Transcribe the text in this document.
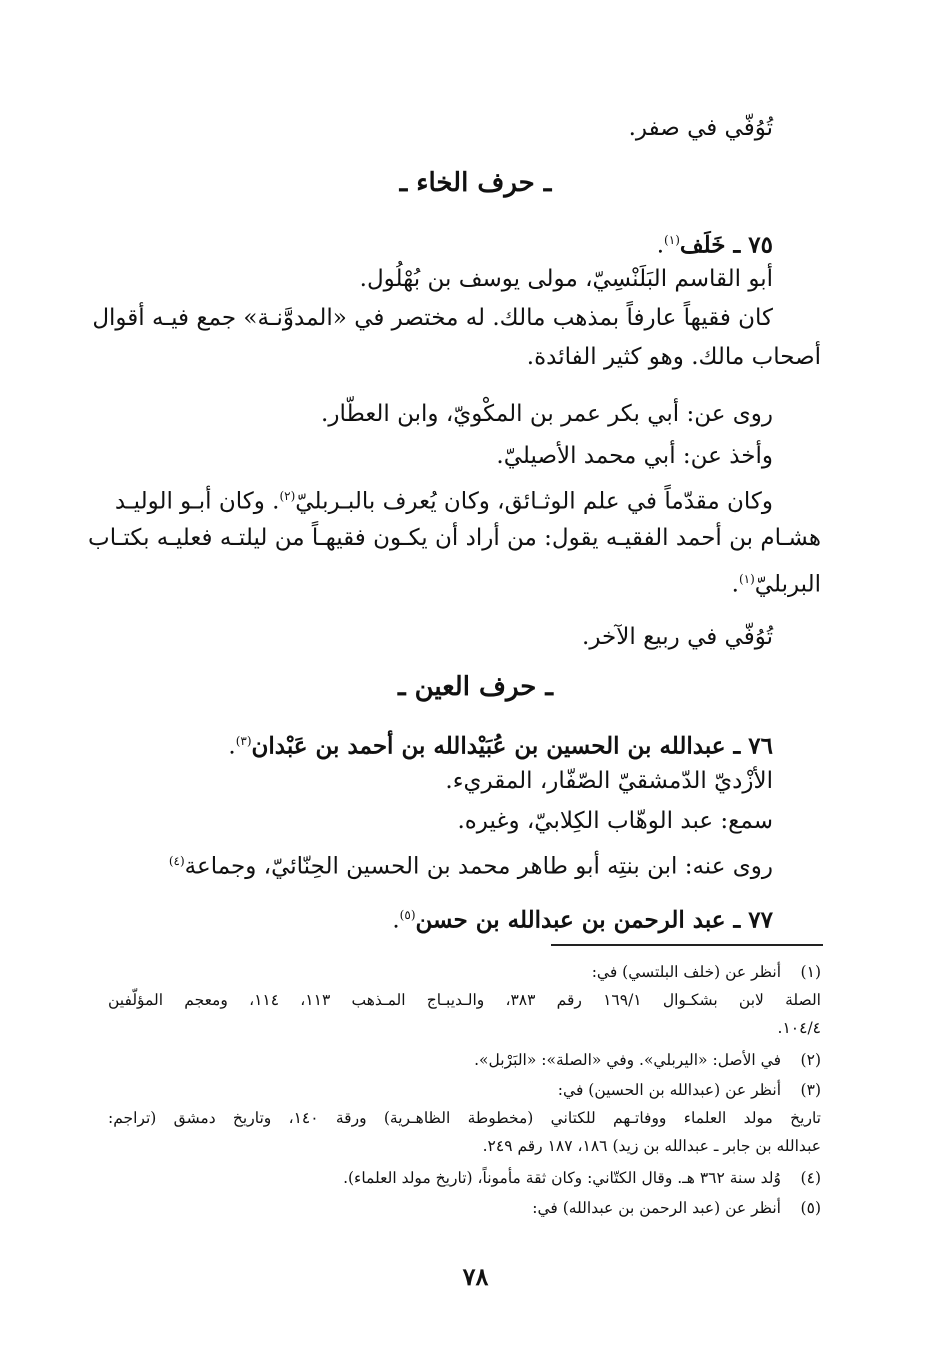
تُوُفّي في صفر.
ـ حرف الخاء ـ
٧٥ ـ خَلَف$^{(١)}$.
أبو القاسم البَلَنْسِيّ، مولى يوسف بن بُهْلُول.
كان فقيهاً عارفاً بمذهب مالك. له مختصر في «المدوَّنـة» جمع فيـه أقوال
أصحاب مالك. وهو كثير الفائدة.
روى عن: أبي بكر عمر بن المكْويّ، وابن العطّار.
وأخذ عن: أبي محمد الأصيليّ.
وكان مقدّماً في علم الوثـائق، وكان يُعرف بالبـربليّ$^{(٢)}$. وكان أبـو الوليـد
هشـام بن أحمد الفقيـه يقول: من أراد أن يكـون فقيهـاً من ليلتـه فعليـه بكتـاب
البربليّ$^{(١)}$.
تُوُفّي في ربيع الآخر.
ـ حرف العين ـ
٧٦ ـ عبدالله بن الحسين بن عُبَيْدالله بن أحمد بن عَبْدان$^{(٣)}$.
الأزْديّ الدّمشقيّ الصّفّار، المقريء.
سمع: عبد الوهّاب الكِلابيّ، وغيره.
روى عنه: ابن بنتِه أبو طاهر محمد بن الحسين الحِنّائيّ، وجماعة$^{(٤)}$
٧٧ ـ عبد الرحمن بن عبدالله بن حسن$^{(٥)}$.
(١)أنظر عن (خلف البلتسي) في:
الصلة لابن بشكـوال ١٦٩/١ رقم ٣٨٣، والـديبـاج المـذهب ١١٣، ١١٤، ومعجم المؤلّفين
١٠٤/٤.
(٢)في الأصل: «اليربلي». وفي «الصلة»: «البَرْبل».
(٣)أنظر عن (عبدالله بن الحسين) في:
تاريخ مولد العلماء ووفاتـهم للكتاني (مخطوطة الظاهـرية) ورقة ١٤٠، وتاريخ دمشق (تراجم:
عبدالله بن جابر ـ عبدالله بن زيد) ١٨٦، ١٨٧ رقم ٢٤٩.
(٤)وُلد سنة ٣٦٢ هـ. وقال الكتّاني: وكان ثقة مأموناً، (تاريخ مولد العلماء).
(٥)أنظر عن (عبد الرحمن بن عبدالله) في:
٧٨
